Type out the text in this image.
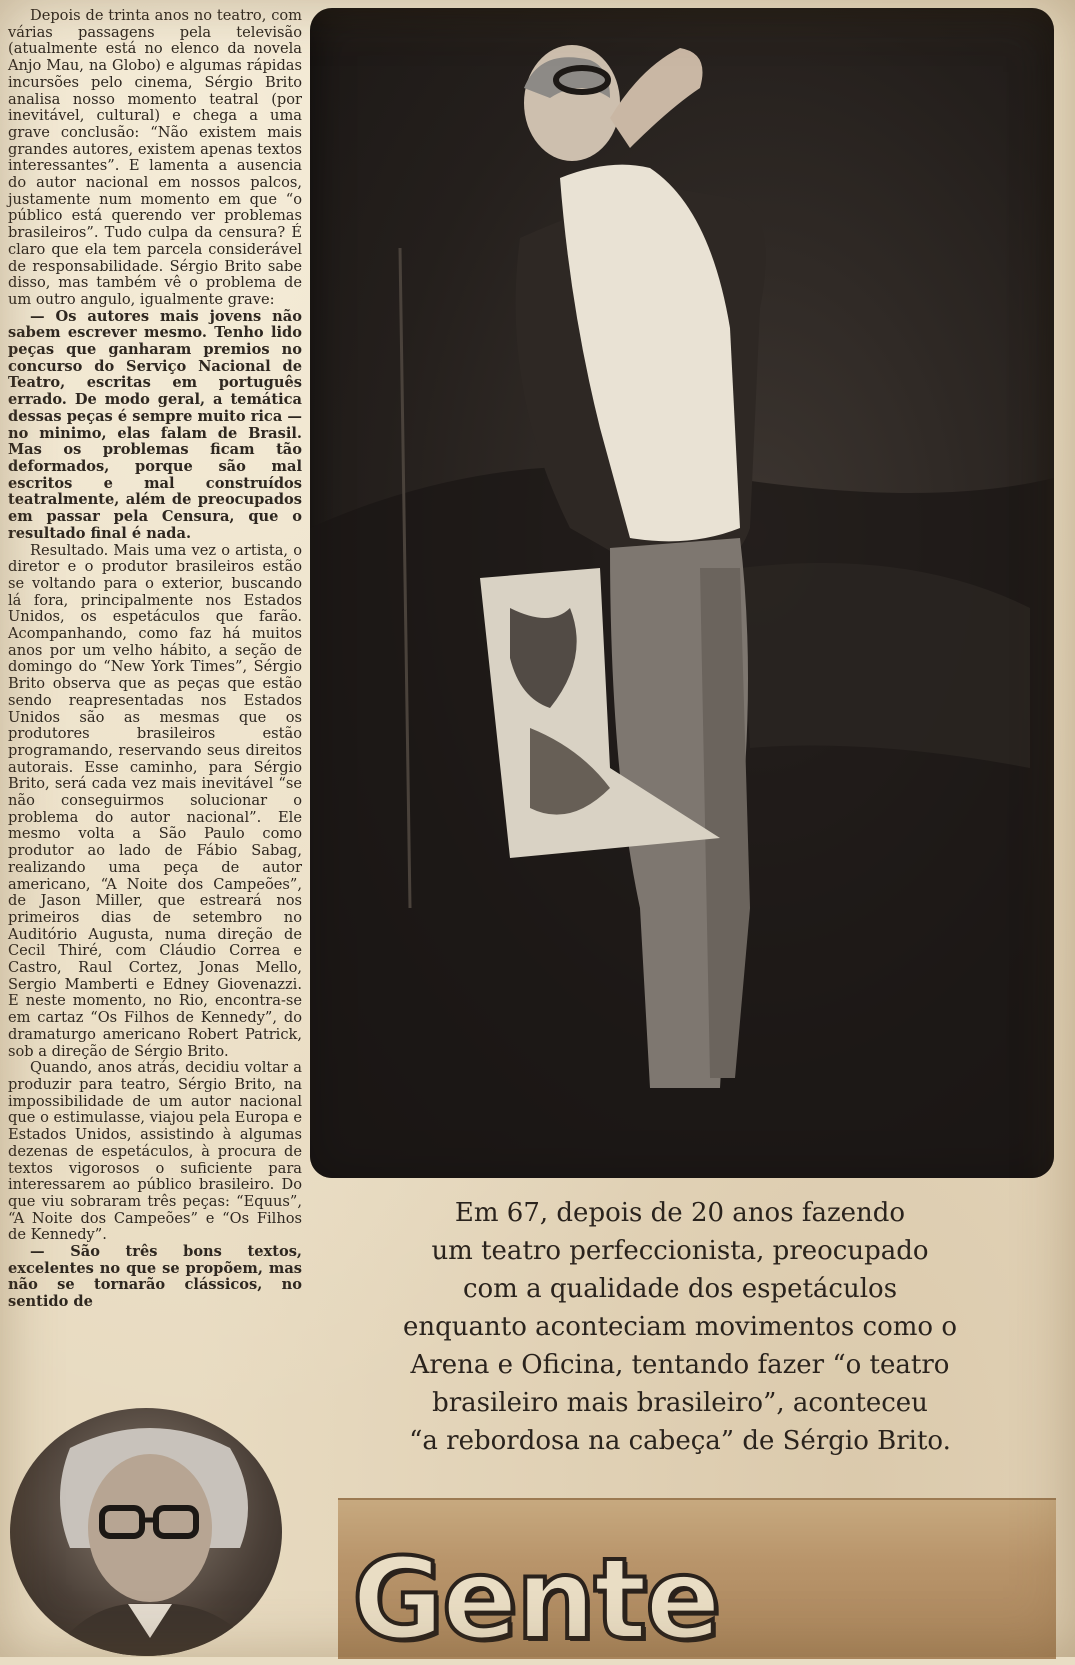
Depois de trinta anos no teatro, com várias passagens pela televisão (atualmente está no elenco da novela Anjo Mau, na Globo) e algumas rápidas incursões pelo cinema, Sérgio Brito analisa nosso momento teatral (por inevitável, cultural) e chega a uma grave conclusão: “Não existem mais grandes autores, existem apenas textos interessantes”. E lamenta a ausencia do autor nacional em nossos palcos, justamente num momento em que “o público está querendo ver problemas brasileiros”. Tudo culpa da censura? É claro que ela tem parcela considerável de responsabilidade. Sérgio Brito sabe disso, mas também vê o problema de um outro angulo, igualmente grave:

— Os autores mais jovens não sabem escrever mesmo. Tenho lido peças que ganharam premios no concurso do Serviço Nacional de Teatro, escritas em português errado. De modo geral, a temática dessas peças é sempre muito rica — no minimo, elas falam de Brasil. Mas os problemas ficam tão deformados, porque são mal escritos e mal construídos teatralmente, além de preocupados em passar pela Censura, que o resultado final é nada.

Resultado. Mais uma vez o artista, o diretor e o produtor brasileiros estão se voltando para o exterior, buscando lá fora, principalmente nos Estados Unidos, os espetáculos que farão. Acompanhando, como faz há muitos anos por um velho hábito, a seção de domingo do “New York Times”, Sérgio Brito observa que as peças que estão sendo reapresentadas nos Estados Unidos são as mesmas que os produtores brasileiros estão programando, reservando seus direitos autorais. Esse caminho, para Sérgio Brito, será cada vez mais inevitável “se não conseguirmos solucionar o problema do autor nacional”. Ele mesmo volta a São Paulo como produtor ao lado de Fábio Sabag, realizando uma peça de autor americano, “A Noite dos Campeões”, de Jason Miller, que estreará nos primeiros dias de setembro no Auditório Augusta, numa direção de Cecil Thiré, com Cláudio Correa e Castro, Raul Cortez, Jonas Mello, Sergio Mamberti e Edney Giovenazzi. E neste momento, no Rio, encontra-se em cartaz “Os Filhos de Kennedy”, do dramaturgo americano Robert Patrick, sob a direção de Sérgio Brito.

Quando, anos atrás, decidiu voltar a produzir para teatro, Sérgio Brito, na impossibilidade de um autor nacional que o estimulasse, viajou pela Europa e Estados Unidos, assistindo à algumas dezenas de espetáculos, à procura de textos vigorosos o suficiente para interessarem ao público brasileiro. Do que viu sobraram três peças: “Equus”, “A Noite dos Campeões” e “Os Filhos de Kennedy”.

— São três bons textos, excelentes no que se propõem, mas não se tornarão clássicos, no sentido de

Em 67, depois de 20 anos fazendo
um teatro perfeccionista, preocupado
com a qualidade dos espetáculos
enquanto aconteciam movimentos como o
Arena e Oficina, tentando fazer “o teatro
brasileiro mais brasileiro”, aconteceu
“a rebordosa na cabeça” de Sérgio Brito.
Gente
